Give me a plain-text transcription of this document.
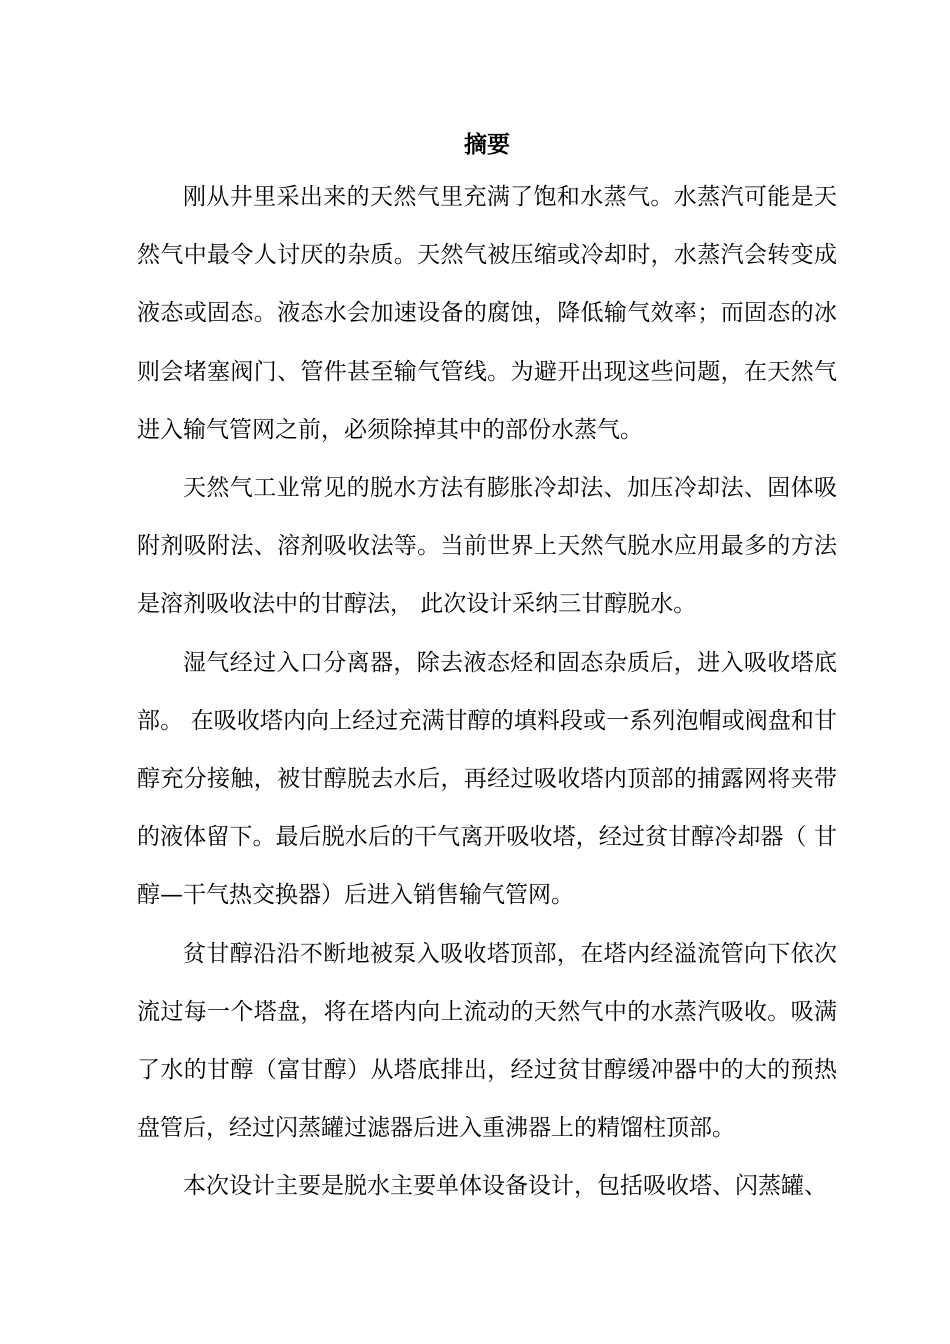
摘要

刚从井里采出来的天然气里充满了饱和水蒸气。水蒸汽可能是天然气中最令人讨厌的杂质。天然气被压缩或冷却时，水蒸汽会转变成液态或固态。液态水会加速设备的腐蚀，降低输气效率；而固态的冰则会堵塞阀门、管件甚至输气管线。为避开出现这些问题，在天然气进入输气管网之前，必须除掉其中的部份水蒸气。

天然气工业常见的脱水方法有膨胀冷却法、加压冷却法、固体吸附剂吸附法、溶剂吸收法等。当前世界上天然气脱水应用最多的方法是溶剂吸收法中的甘醇法， 此次设计采纳三甘醇脱水。

湿气经过入口分离器，除去液态烃和固态杂质后，进入吸收塔底部。 在吸收塔内向上经过充满甘醇的填料段或一系列泡帽或阀盘和甘醇充分接触，被甘醇脱去水后，再经过吸收塔内顶部的捕露网将夹带的液体留下。最后脱水后的干气离开吸收塔，经过贫甘醇冷却器（ 甘醇—干气热交换器）后进入销售输气管网。

贫甘醇沿沿不断地被泵入吸收塔顶部，在塔内经溢流管向下依次流过每一个塔盘，将在塔内向上流动的天然气中的水蒸汽吸收。吸满了水的甘醇（富甘醇）从塔底排出，经过贫甘醇缓冲器中的大的预热盘管后，经过闪蒸罐过滤器后进入重沸器上的精馏柱顶部。

本次设计主要是脱水主要单体设备设计，包括吸收塔、闪蒸罐、
